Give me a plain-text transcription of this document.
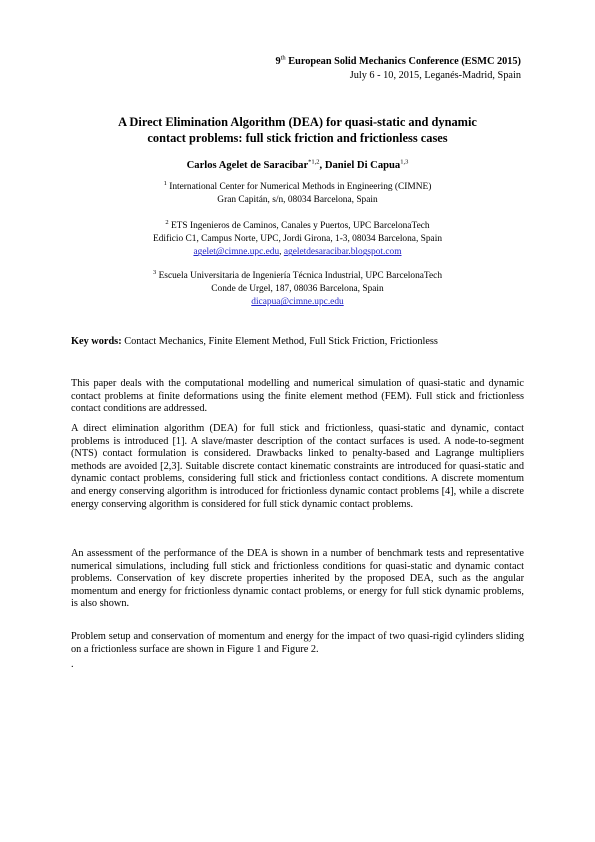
9th European Solid Mechanics Conference (ESMC 2015)
July 6 - 10, 2015, Leganés-Madrid, Spain
A Direct Elimination Algorithm (DEA) for quasi-static and dynamic
contact problems: full stick friction and frictionless cases
Carlos Agelet de Saracibar$^{*1,2}$, Daniel Di Capua$^{1,3}$
$^1$ International Center for Numerical Methods in Engineering (CIMNE)
Gran Capitán, s/n, 08034 Barcelona, Spain
$^2$ ETS Ingenieros de Caminos, Canales y Puertos, UPC BarcelonaTech
Edificio C1, Campus Norte, UPC, Jordi Girona, 1-3, 08034 Barcelona, Spain
agelet@cimne.upc.edu, ageletdesaracibar.blogspot.com
$^3$ Escuela Universitaria de Ingeniería Técnica Industrial, UPC BarcelonaTech
Conde de Urgel, 187, 08036 Barcelona, Spain
dicapua@cimne.upc.edu
Key words: Contact Mechanics, Finite Element Method, Full Stick Friction, Frictionless
This paper deals with the computational modelling and numerical simulation of quasi-static and dynamic contact problems at finite deformations using the finite element method (FEM). Full stick and frictionless contact conditions are addressed.
A direct elimination algorithm (DEA) for full stick and frictionless, quasi-static and dynamic, contact problems is introduced [1]. A slave/master description of the contact surfaces is used. A node-to-segment (NTS) contact formulation is considered. Drawbacks linked to penalty-based and Lagrange multipliers methods are avoided [2,3]. Suitable discrete contact kinematic constraints are introduced for quasi-static and dynamic contact problems, considering full stick and frictionless contact conditions. A discrete momentum and energy conserving algorithm is introduced for frictionless dynamic contact problems [4], while a discrete energy conserving algorithm is considered for full stick dynamic contact problems.
An assessment of the performance of the DEA is shown in a number of benchmark tests and representative numerical simulations, including full stick and frictionless conditions for quasi-static and dynamic contact problems. Conservation of key discrete properties inherited by the proposed DEA, such as the angular momentum and energy for frictionless dynamic contact problems, or energy for full stick dynamic problems, is also shown.
Problem setup and conservation of momentum and energy for the impact of two quasi-rigid cylinders sliding on a frictionless surface are shown in Figure 1 and Figure 2.
.
